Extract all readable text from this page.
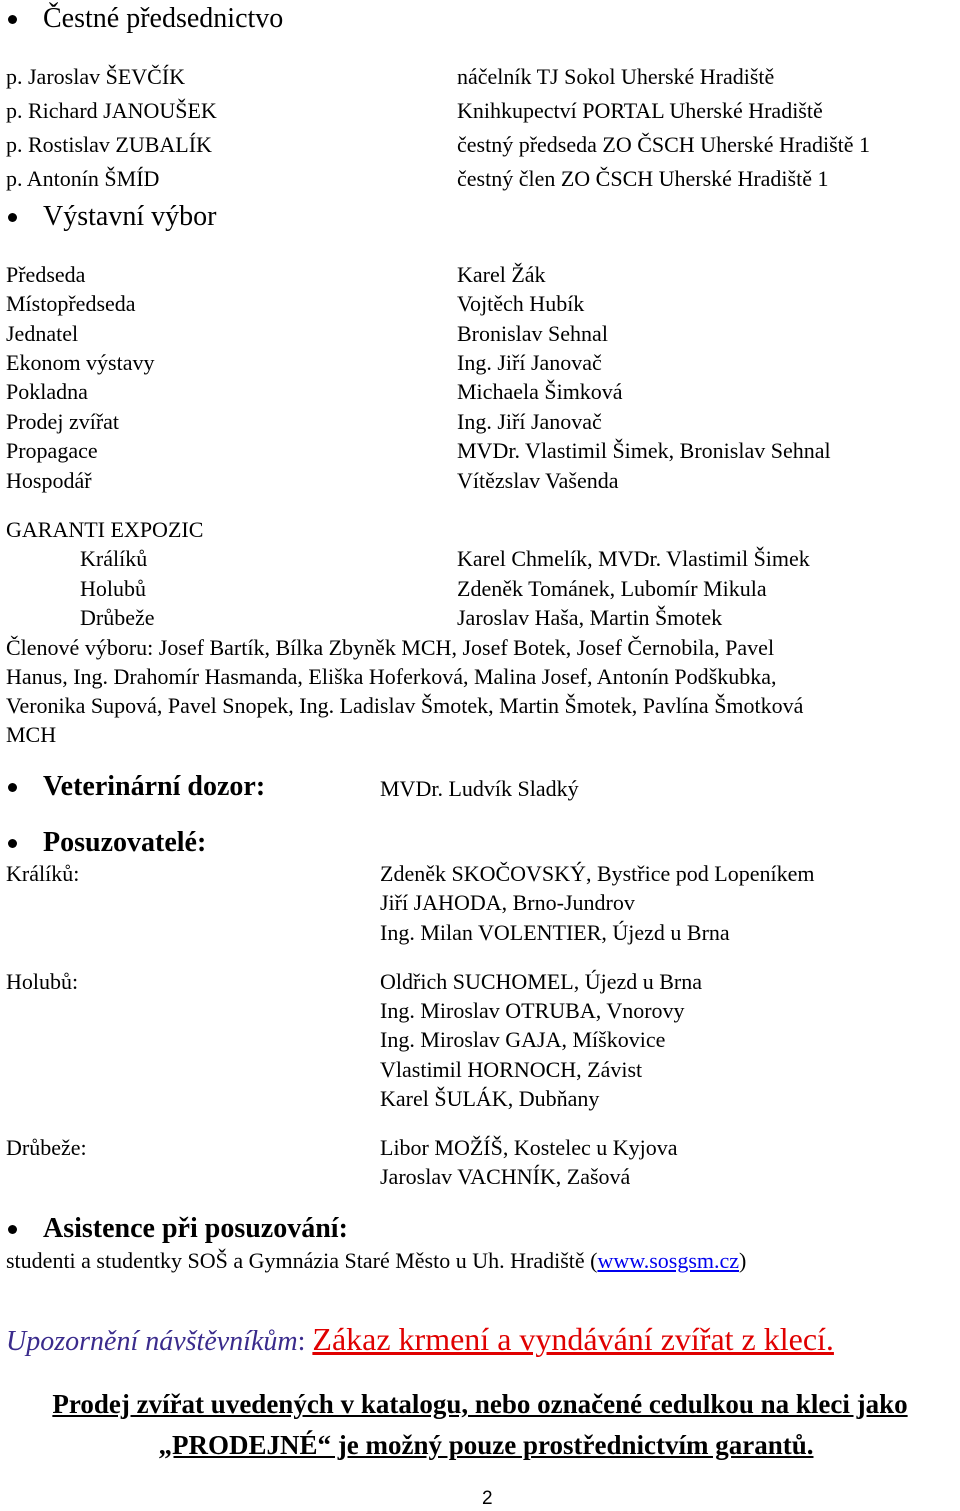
Čestné předsednictvo
p. Jaroslav ŠEVČÍK	náčelník TJ Sokol Uherské Hradiště
p. Richard JANOUŠEK	Knihkupectví PORTAL Uherské Hradiště
p. Rostislav ZUBALÍK	čestný předseda ZO ČSCH Uherské Hradiště 1
p. Antonín ŠMÍD	čestný člen ZO ČSCH Uherské Hradiště 1
Výstavní výbor
Předseda	Karel Žák
Místopředseda	Vojtěch Hubík
Jednatel	Bronislav Sehnal
Ekonom výstavy	Ing. Jiří Janovač
Pokladna	Michaela Šimková
Prodej zvířat	Ing. Jiří Janovač
Propagace	MVDr. Vlastimil Šimek, Bronislav Sehnal
Hospodář	Vítězslav Vašenda
GARANTI EXPOZIC
Králíků	Karel Chmelík, MVDr. Vlastimil Šimek
Holubů	Zdeněk Tománek, Lubomír Mikula
Drůbeže	Jaroslav Haša, Martin Šmotek
Členové výboru: Josef Bartík, Bílka Zbyněk MCH, Josef Botek, Josef Černobila, Pavel
Hanus, Ing. Drahomír Hasmanda, Eliška Hoferková, Malina Josef, Antonín Podškubka,
Veronika Supová, Pavel Snopek, Ing. Ladislav Šmotek, Martin Šmotek, Pavlína Šmotková
MCH
Veterinární dozor:	MVDr. Ludvík Sladký
Posuzovatelé:
Králíků:	Zdeněk SKOČOVSKÝ, Bystřice pod Lopeníkem
Jiří JAHODA, Brno-Jundrov
Ing. Milan VOLENTIER, Újezd u Brna
Holubů:	Oldřich SUCHOMEL, Újezd u Brna
Ing. Miroslav OTRUBA, Vnorovy
Ing. Miroslav GAJA, Míškovice
Vlastimil HORNOCH, Závist
Karel ŠULÁK, Dubňany
Drůbeže:	Libor MOŽÍŠ, Kostelec u Kyjova
Jaroslav VACHNÍK, Zašová
Asistence při posuzování:
studenti a studentky SOŠ a Gymnázia Staré Město u Uh. Hradiště (www.sosgsm.cz)
Upozornění návštěvníkům: Zákaz krmení a vyndávání zvířat z klecí.
Prodej zvířat uvedených v katalogu, nebo označené cedulkou na kleci jako
„PRODEJNÉ“ je možný pouze prostřednictvím garantů.
2
